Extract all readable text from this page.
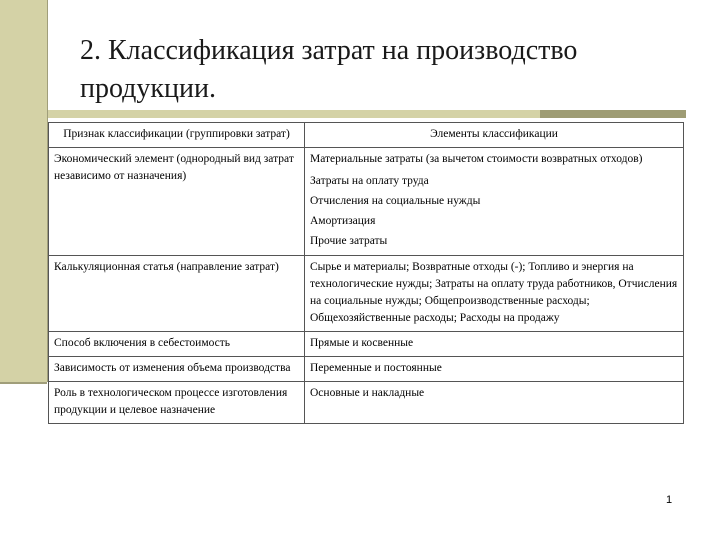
2. Классификация затрат на производство продукции.
Признак классификации (группировки затрат)	Элементы классификации
Экономический элемент (однородный вид затрат независимо от назначения)	Материальные затраты (за вычетом стоимости возвратных отходов)
Затраты на оплату труда
Отчисления на социальные нужды
Амортизация
Прочие затраты

Калькуляционная статья (направление затрат)	Сырье и материалы; Возвратные отходы (-); Топливо и энергия на технологические нужды; Затраты на оплату труда работников, Отчисления на социальные нужды; Общепроизводственные расходы; Общехозяйственные расходы; Расходы на продажу
Способ включения в себестоимость	Прямые и косвенные
Зависимость от изменения объема производства	Переменные и постоянные
Роль в технологическом процессе изготовления продукции и целевое назначение	Основные и накладные
1
